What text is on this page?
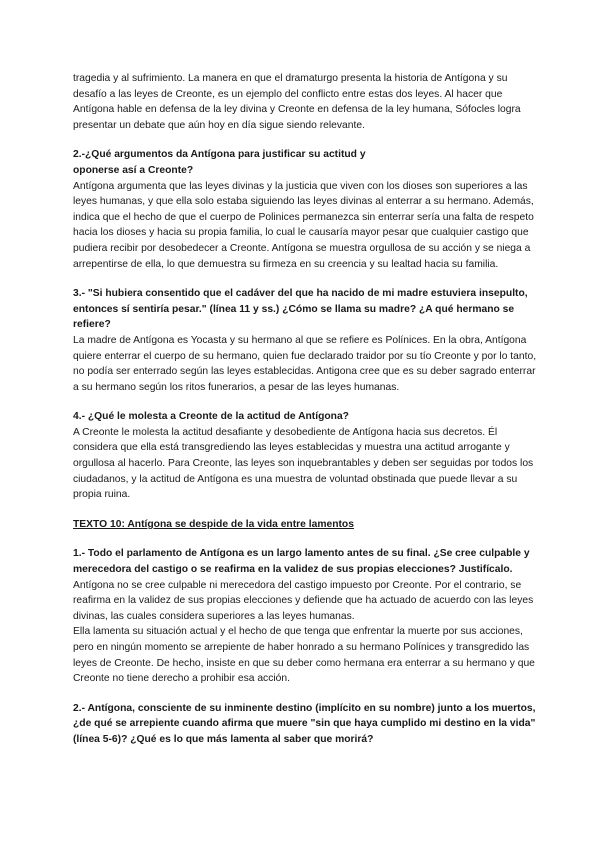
tragedia y al sufrimiento. La manera en que el dramaturgo presenta la historia de Antígona y su desafío a las leyes de Creonte, es un ejemplo del conflicto entre estas dos leyes. Al hacer que Antígona hable en defensa de la ley divina y Creonte en defensa de la ley humana, Sófocles logra presentar un debate que aún hoy en día sigue siendo relevante.

2.-¿Qué argumentos da Antígona para justificar su actitud y oponerse así a Creonte?

Antígona argumenta que las leyes divinas y la justicia que viven con los dioses son superiores a las leyes humanas, y que ella solo estaba siguiendo las leyes divinas al enterrar a su hermano. Además, indica que el hecho de que el cuerpo de Polinices permanezca sin enterrar sería una falta de respeto hacia los dioses y hacia su propia familia, lo cual le causaría mayor pesar que cualquier castigo que pudiera recibir por desobedecer a Creonte. Antígona se muestra orgullosa de su acción y se niega a arrepentirse de ella, lo que demuestra su firmeza en su creencia y su lealtad hacia su familia.

3.- "Si hubiera consentido que el cadáver del que ha nacido de mi madre estuviera insepulto, entonces sí sentiría pesar." (línea 11 y ss.) ¿Cómo se llama su madre? ¿A qué hermano se refiere?

La madre de Antígona es Yocasta y su hermano al que se refiere es Polínices. En la obra, Antígona quiere enterrar el cuerpo de su hermano, quien fue declarado traidor por su tío Creonte y por lo tanto, no podía ser enterrado según las leyes establecidas. Antigona cree que es su deber sagrado enterrar a su hermano según los ritos funerarios, a pesar de las leyes humanas.

4.- ¿Qué le molesta a Creonte de la actitud de Antígona?

A Creonte le molesta la actitud desafiante y desobediente de Antígona hacia sus decretos. Él considera que ella está transgrediendo las leyes establecidas y muestra una actitud arrogante y orgullosa al hacerlo. Para Creonte, las leyes son inquebrantables y deben ser seguidas por todos los ciudadanos, y la actitud de Antígona es una muestra de voluntad obstinada que puede llevar a su propia ruina.

TEXTO 10: Antígona se despide de la vida entre lamentos

1.- Todo el parlamento de Antígona es un largo lamento antes de su final. ¿Se cree culpable y merecedora del castigo o se reafirma en la validez de sus propias elecciones? Justifícalo.

Antígona no se cree culpable ni merecedora del castigo impuesto por Creonte. Por el contrario, se reafirma en la validez de sus propias elecciones y defiende que ha actuado de acuerdo con las leyes divinas, las cuales considera superiores a las leyes humanas.

Ella lamenta su situación actual y el hecho de que tenga que enfrentar la muerte por sus acciones, pero en ningún momento se arrepiente de haber honrado a su hermano Polínices y transgredido las leyes de Creonte. De hecho, insiste en que su deber como hermana era enterrar a su hermano y que Creonte no tiene derecho a prohibir esa acción.

2.- Antígona, consciente de su inminente destino (implícito en su nombre) junto a los muertos, ¿de qué se arrepiente cuando afirma que muere "sin que haya cumplido mi destino en la vida" (línea 5-6)? ¿Qué es lo que más lamenta al saber que morirá?
